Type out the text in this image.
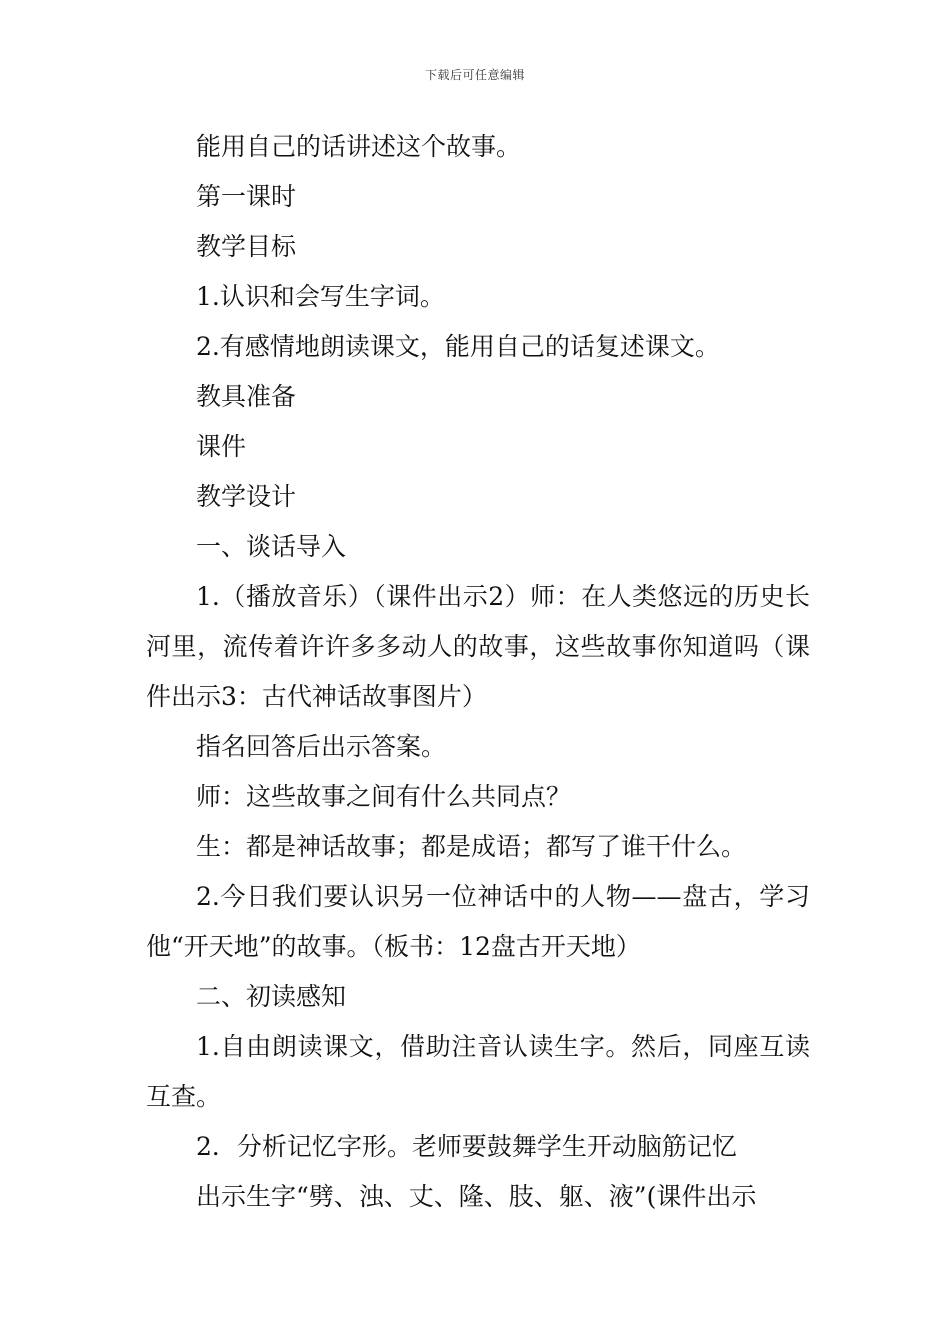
下载后可任意编辑

能用自己的话讲述这个故事。

第一课时

教学目标

1.认识和会写生字词。

2.有感情地朗读课文，能用自己的话复述课文。

教具准备

课件

教学设计

一、谈话导入

1.（播放音乐）（课件出示2）师：在人类悠远的历史长河里，流传着许许多多动人的故事，这些故事你知道吗（课件出示3：古代神话故事图片）

指名回答后出示答案。

师：这些故事之间有什么共同点？

生：都是神话故事；都是成语；都写了谁干什么。

2.今日我们要认识另一位神话中的人物——盘古，学习他“开天地”的故事。（板书：12盘古开天地）

二、初读感知

1.自由朗读课文，借助注音认读生字。然后，同座互读互查。

2．分析记忆字形。老师要鼓舞学生开动脑筋记忆

出示生字“劈、浊、丈、隆、肢、躯、液”(课件出示
